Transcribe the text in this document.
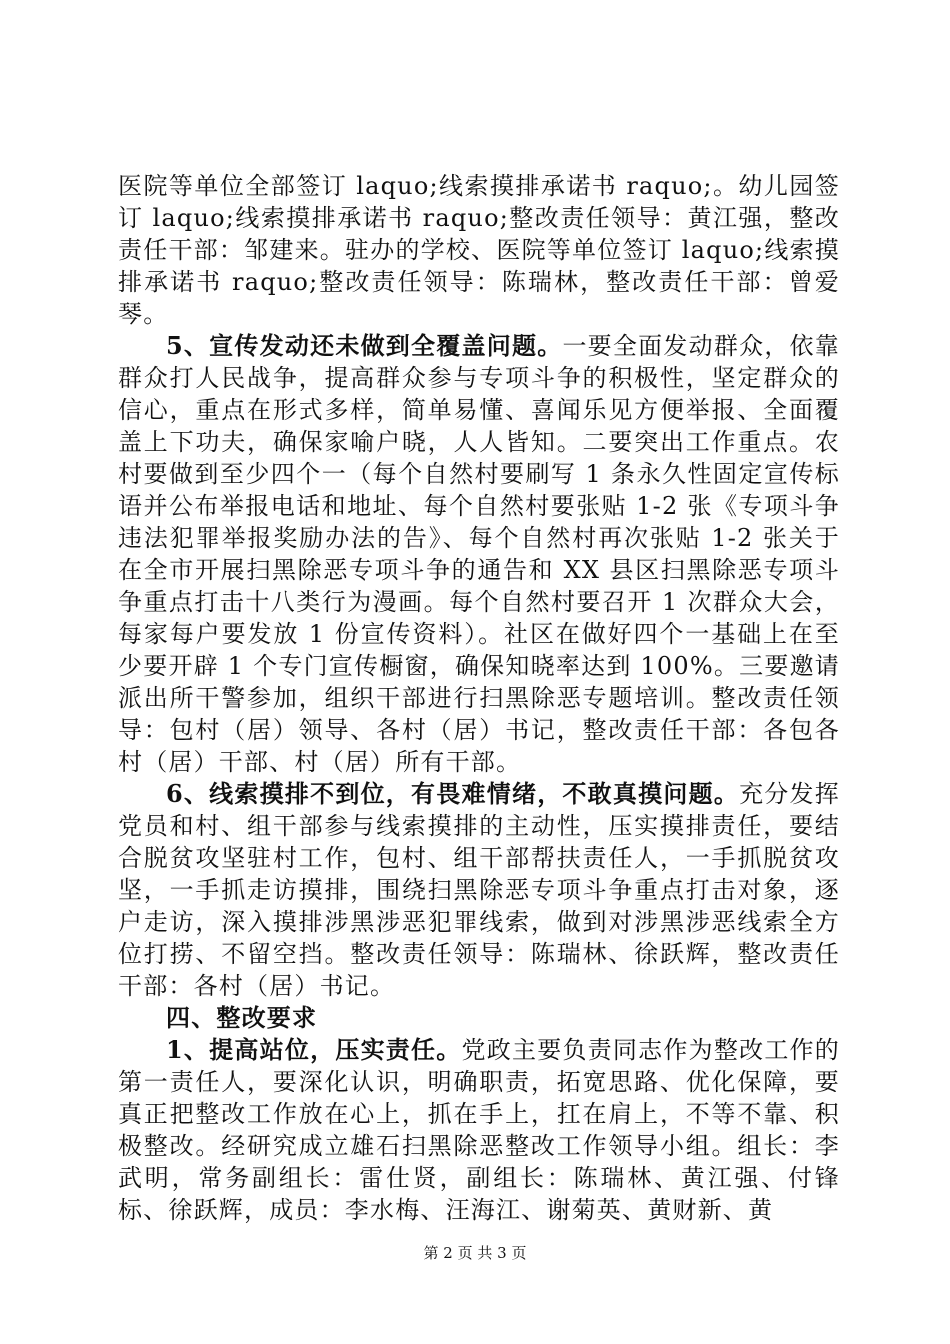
医院等单位全部签订 laquo;线索摸排承诺书 raquo;。幼儿园签订 laquo;线索摸排承诺书 raquo;整改责任领导：黄江强，整改责任干部：邹建来。驻办的学校、医院等单位签订 laquo;线索摸排承诺书 raquo;整改责任领导：陈瑞林，整改责任干部：曾爱琴。

5、宣传发动还未做到全覆盖问题。一要全面发动群众，依靠群众打人民战争，提高群众参与专项斗争的积极性，坚定群众的信心，重点在形式多样，简单易懂、喜闻乐见方便举报、全面覆盖上下功夫，确保家喻户晓，人人皆知。二要突出工作重点。农村要做到至少四个一（每个自然村要刷写 1 条永久性固定宣传标语并公布举报电话和地址、每个自然村要张贴 1-2 张《专项斗争违法犯罪举报奖励办法的告》、每个自然村再次张贴 1-2 张关于在全市开展扫黑除恶专项斗争的通告和 XX 县区扫黑除恶专项斗争重点打击十八类行为漫画。每个自然村要召开 1 次群众大会，每家每户要发放 1 份宣传资料）。社区在做好四个一基础上在至少要开辟 1 个专门宣传橱窗，确保知晓率达到 100%。三要邀请派出所干警参加，组织干部进行扫黑除恶专题培训。整改责任领导：包村（居）领导、各村（居）书记，整改责任干部：各包各村（居）干部、村（居）所有干部。

6、线索摸排不到位，有畏难情绪，不敢真摸问题。充分发挥党员和村、组干部参与线索摸排的主动性，压实摸排责任，要结合脱贫攻坚驻村工作，包村、组干部帮扶责任人，一手抓脱贫攻坚，一手抓走访摸排，围绕扫黑除恶专项斗争重点打击对象，逐户走访，深入摸排涉黑涉恶犯罪线索，做到对涉黑涉恶线索全方位打捞、不留空挡。整改责任领导：陈瑞林、徐跃辉，整改责任干部：各村（居）书记。

四、整改要求

1、提高站位，压实责任。党政主要负责同志作为整改工作的第一责任人，要深化认识，明确职责，拓宽思路、优化保障，要真正把整改工作放在心上，抓在手上，扛在肩上，不等不靠、积极整改。经研究成立雄石扫黑除恶整改工作领导小组。组长：李武明，常务副组长：雷仕贤，副组长：陈瑞林、黄江强、付锋标、徐跃辉，成员：李水梅、汪海江、谢菊英、黄财新、黄

第 2 页 共 3 页
